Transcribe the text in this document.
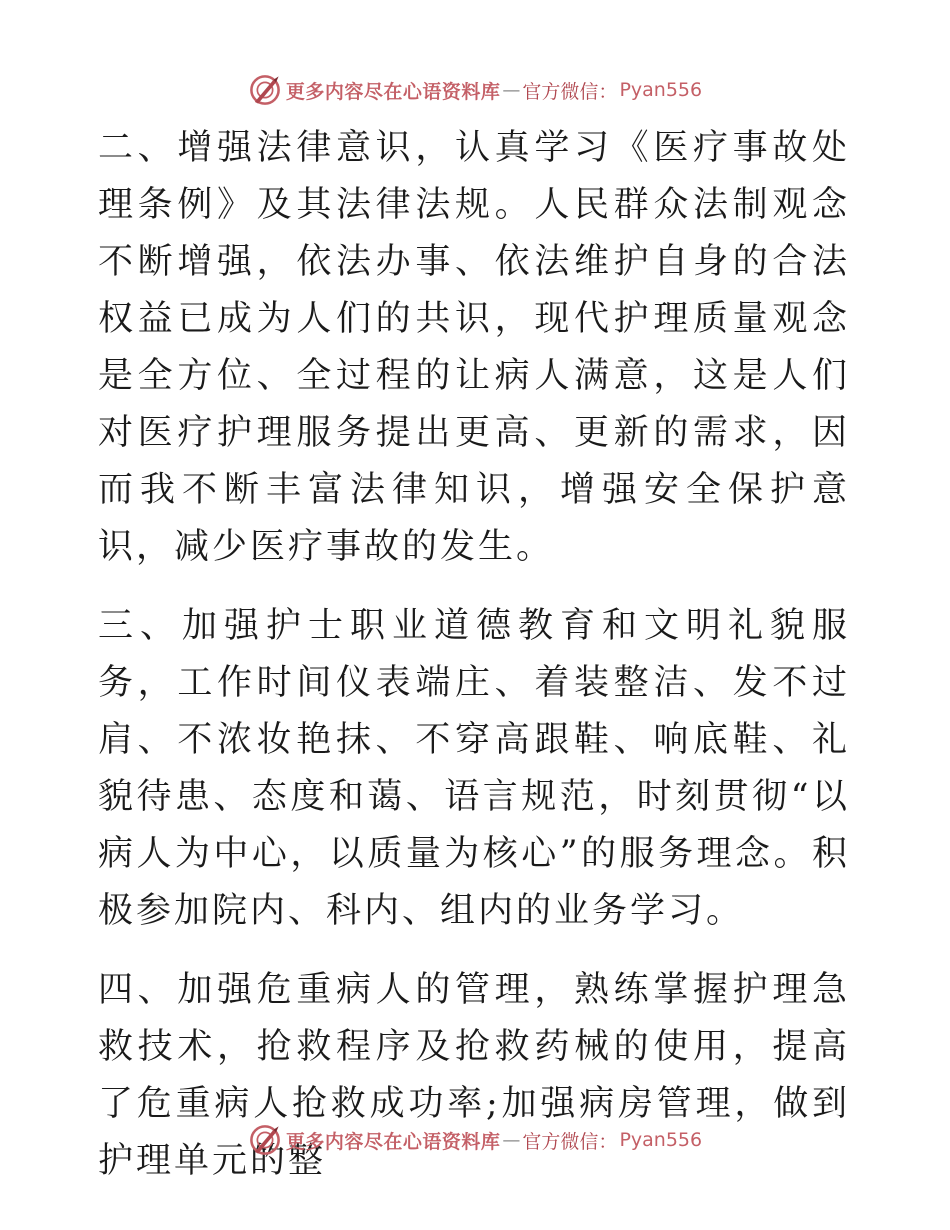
更多内容尽在心语资料库 — 官方微信： Pyan556

二、增强法律意识，认真学习《医疗事故处理条例》及其法律法规。人民群众法制观念不断增强，依法办事、依法维护自身的合法权益已成为人们的共识，现代护理质量观念是全方位、全过程的让病人满意，这是人们对医疗护理服务提出更高、更新的需求，因而我不断丰富法律知识，增强安全保护意识，减少医疗事故的发生。

三、加强护士职业道德教育和文明礼貌服务，工作时间仪表端庄、着装整洁、发不过肩、不浓妆艳抹、不穿高跟鞋、响底鞋、礼貌待患、态度和蔼、语言规范，时刻贯彻“以病人为中心，以质量为核心”的服务理念。积极参加院内、科内、组内的业务学习。

四、加强危重病人的管理，熟练掌握护理急救技术，抢救程序及抢救药械的使用，提高了危重病人抢救成功率;加强病房管理，做到护理单元的整

更多内容尽在心语资料库 — 官方微信： Pyan556
